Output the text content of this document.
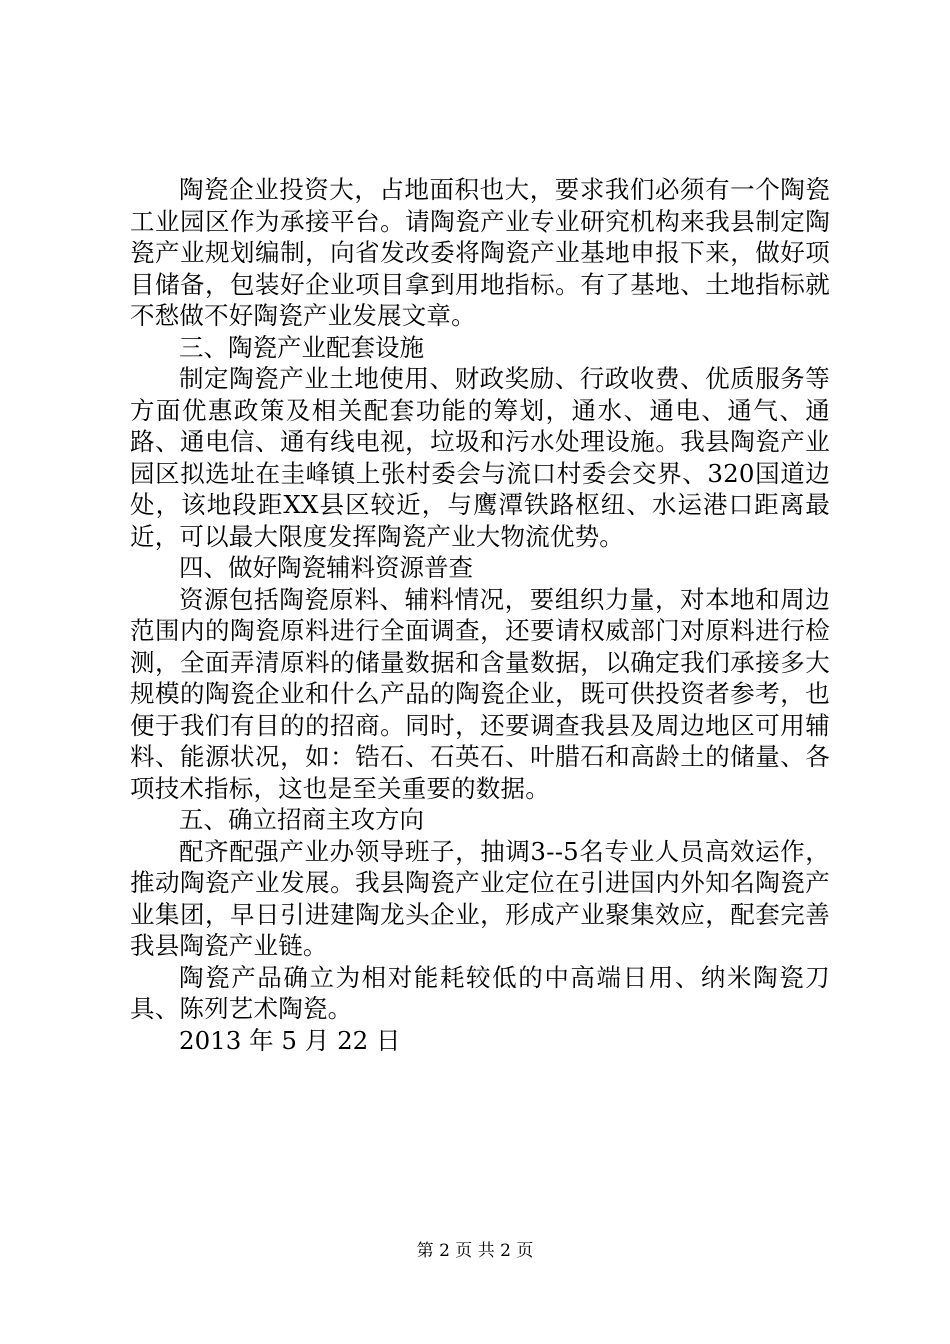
陶瓷企业投资大，占地面积也大，要求我们必须有一个陶瓷工业园区作为承接平台。请陶瓷产业专业研究机构来我县制定陶瓷产业规划编制，向省发改委将陶瓷产业基地申报下来，做好项目储备，包装好企业项目拿到用地指标。有了基地、土地指标就不愁做不好陶瓷产业发展文章。

三、陶瓷产业配套设施

制定陶瓷产业土地使用、财政奖励、行政收费、优质服务等方面优惠政策及相关配套功能的筹划，通水、通电、通气、通路、通电信、通有线电视，垃圾和污水处理设施。我县陶瓷产业园区拟选址在圭峰镇上张村委会与流口村委会交界、320国道边处，该地段距XX县区较近，与鹰潭铁路枢纽、水运港口距离最近，可以最大限度发挥陶瓷产业大物流优势。

四、做好陶瓷辅料资源普查

资源包括陶瓷原料、辅料情况，要组织力量，对本地和周边范围内的陶瓷原料进行全面调查，还要请权威部门对原料进行检测，全面弄清原料的储量数据和含量数据，以确定我们承接多大规模的陶瓷企业和什么产品的陶瓷企业，既可供投资者参考，也便于我们有目的的招商。同时，还要调查我县及周边地区可用辅料、能源状况，如：锆石、石英石、叶腊石和高龄土的储量、各项技术指标，这也是至关重要的数据。

五、确立招商主攻方向

配齐配强产业办领导班子，抽调3--5名专业人员高效运作，推动陶瓷产业发展。我县陶瓷产业定位在引进国内外知名陶瓷产业集团，早日引进建陶龙头企业，形成产业聚集效应，配套完善我县陶瓷产业链。

陶瓷产品确立为相对能耗较低的中高端日用、纳米陶瓷刀具、陈列艺术陶瓷。

2013 年 5 月 22 日

第 2 页 共 2 页
